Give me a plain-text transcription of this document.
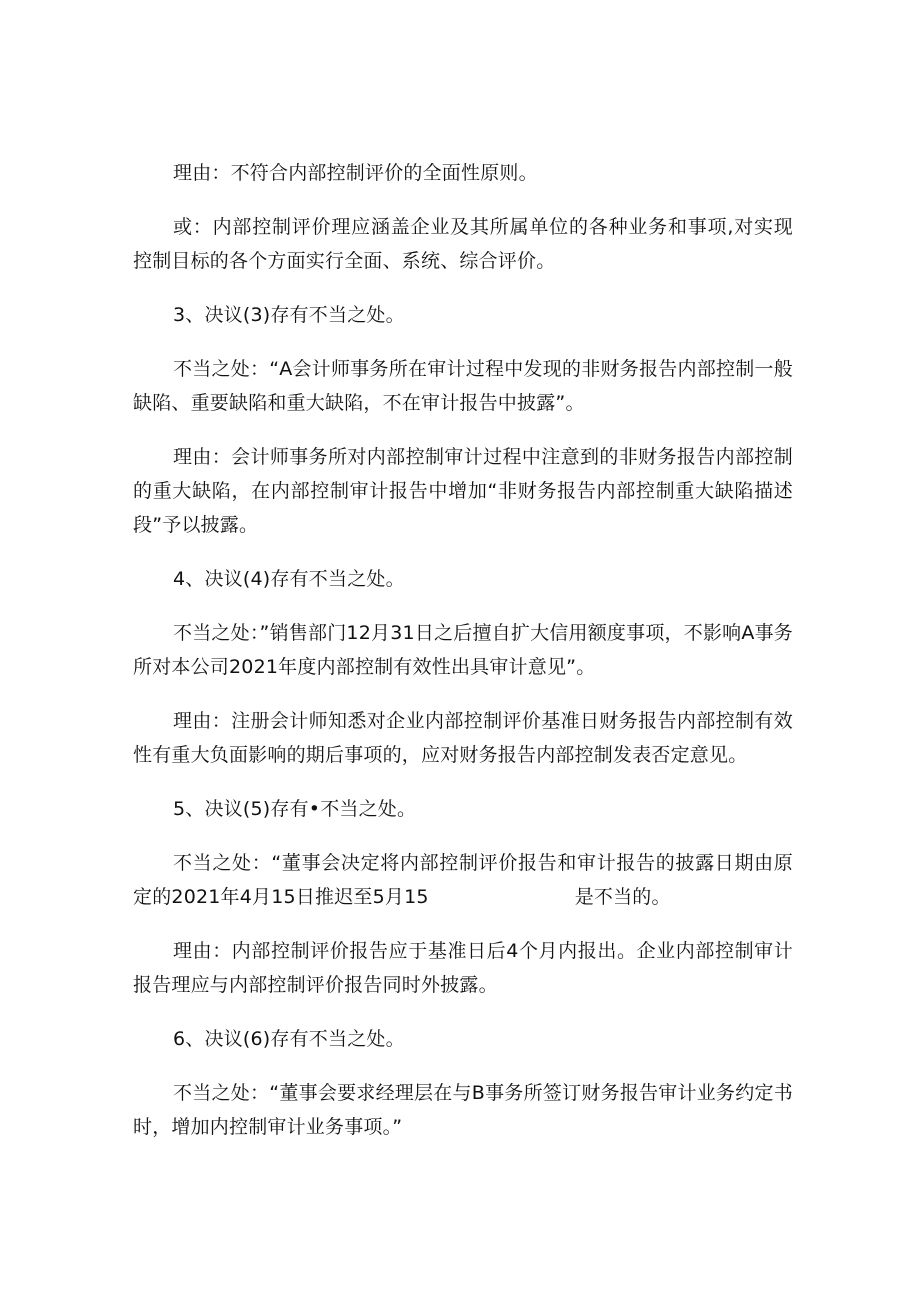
理由：不符合内部控制评价的全面性原则。

或：内部控制评价理应涵盖企业及其所属单位的各种业务和事项,对实现控制目标的各个方面实行全面、系统、综合评价。

3、决议(3)存有不当之处。

不当之处：“A会计师事务所在审计过程中发现的非财务报告内部控制一般缺陷、重要缺陷和重大缺陷，不在审计报告中披露”。

理由：会计师事务所对内部控制审计过程中注意到的非财务报告内部控制的重大缺陷，在内部控制审计报告中增加“非财务报告内部控制重大缺陷描述段”予以披露。

4、决议(4)存有不当之处。

不当之处：”销售部门12月31日之后擅自扩大信用额度事项，不影响A事务所对本公司2021年度内部控制有效性出具审计意见”。

理由：注册会计师知悉对企业内部控制评价基准日财务报告内部控制有效性有重大负面影响的期后事项的，应对财务报告内部控制发表否定意见。

5、决议(5)存有•不当之处。

不当之处：“董事会决定将内部控制评价报告和审计报告的披露日期由原定的2021年4月15日推迟至5月15	是不当的。

理由：内部控制评价报告应于基准日后4个月内报出。企业内部控制审计报告理应与内部控制评价报告同时外披露。

6、决议(6)存有不当之处。

不当之处：“董事会要求经理层在与B事务所签订财务报告审计业务约定书时，增加内控制审计业务事项。”
